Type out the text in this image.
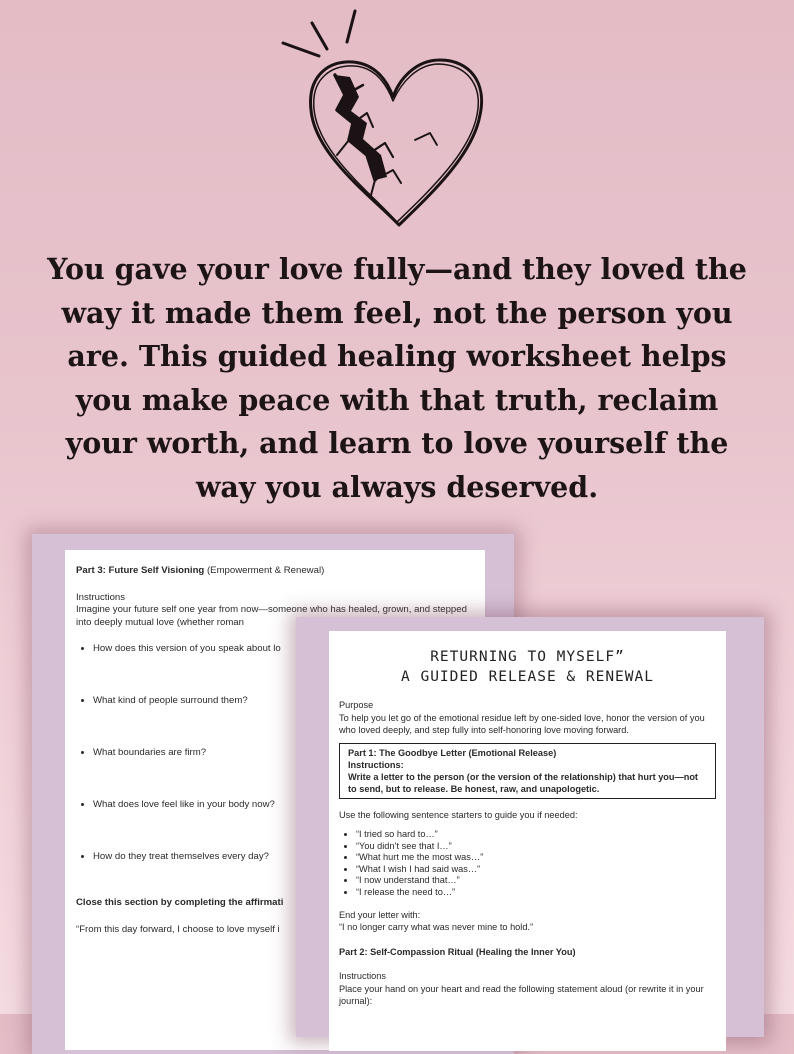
You gave your love fully—and they loved the way it made them feel, not the person you are. This guided healing worksheet helps you make peace with that truth, reclaim your worth, and learn to love yourself the way you always deserved.

Part 3: Future Self Visioning (Empowerment & Renewal)

Instructions

Imagine your future self one year from now—someone who has healed, grown, and stepped into deeply mutual love (whether roman

• How does this version of you speak about lo
• What kind of people surround them?
• What boundaries are firm?
• What does love feel like in your body now?
• How do they treat themselves every day?

Close this section by completing the affirmati

“From this day forward, I choose to love myself i

RETURNING TO MYSELF”
A GUIDED RELEASE & RENEWAL

Purpose

To help you let go of the emotional residue left by one-sided love, honor the version of you who loved deeply, and step fully into self-honoring love moving forward.

Part 1: The Goodbye Letter (Emotional Release)
Instructions:
Write a letter to the person (or the version of the relationship) that hurt you—not to send, but to release. Be honest, raw, and unapologetic.

Use the following sentence starters to guide you if needed:

• “I tried so hard to…”
• “You didn’t see that I…”
• “What hurt me the most was…”
• “What I wish I had said was…”
• “I now understand that…”
• “I release the need to…”

End your letter with:

“I no longer carry what was never mine to hold.”

Part 2: Self-Compassion Ritual (Healing the Inner You)

Instructions

Place your hand on your heart and read the following statement aloud (or rewrite it in your journal):
